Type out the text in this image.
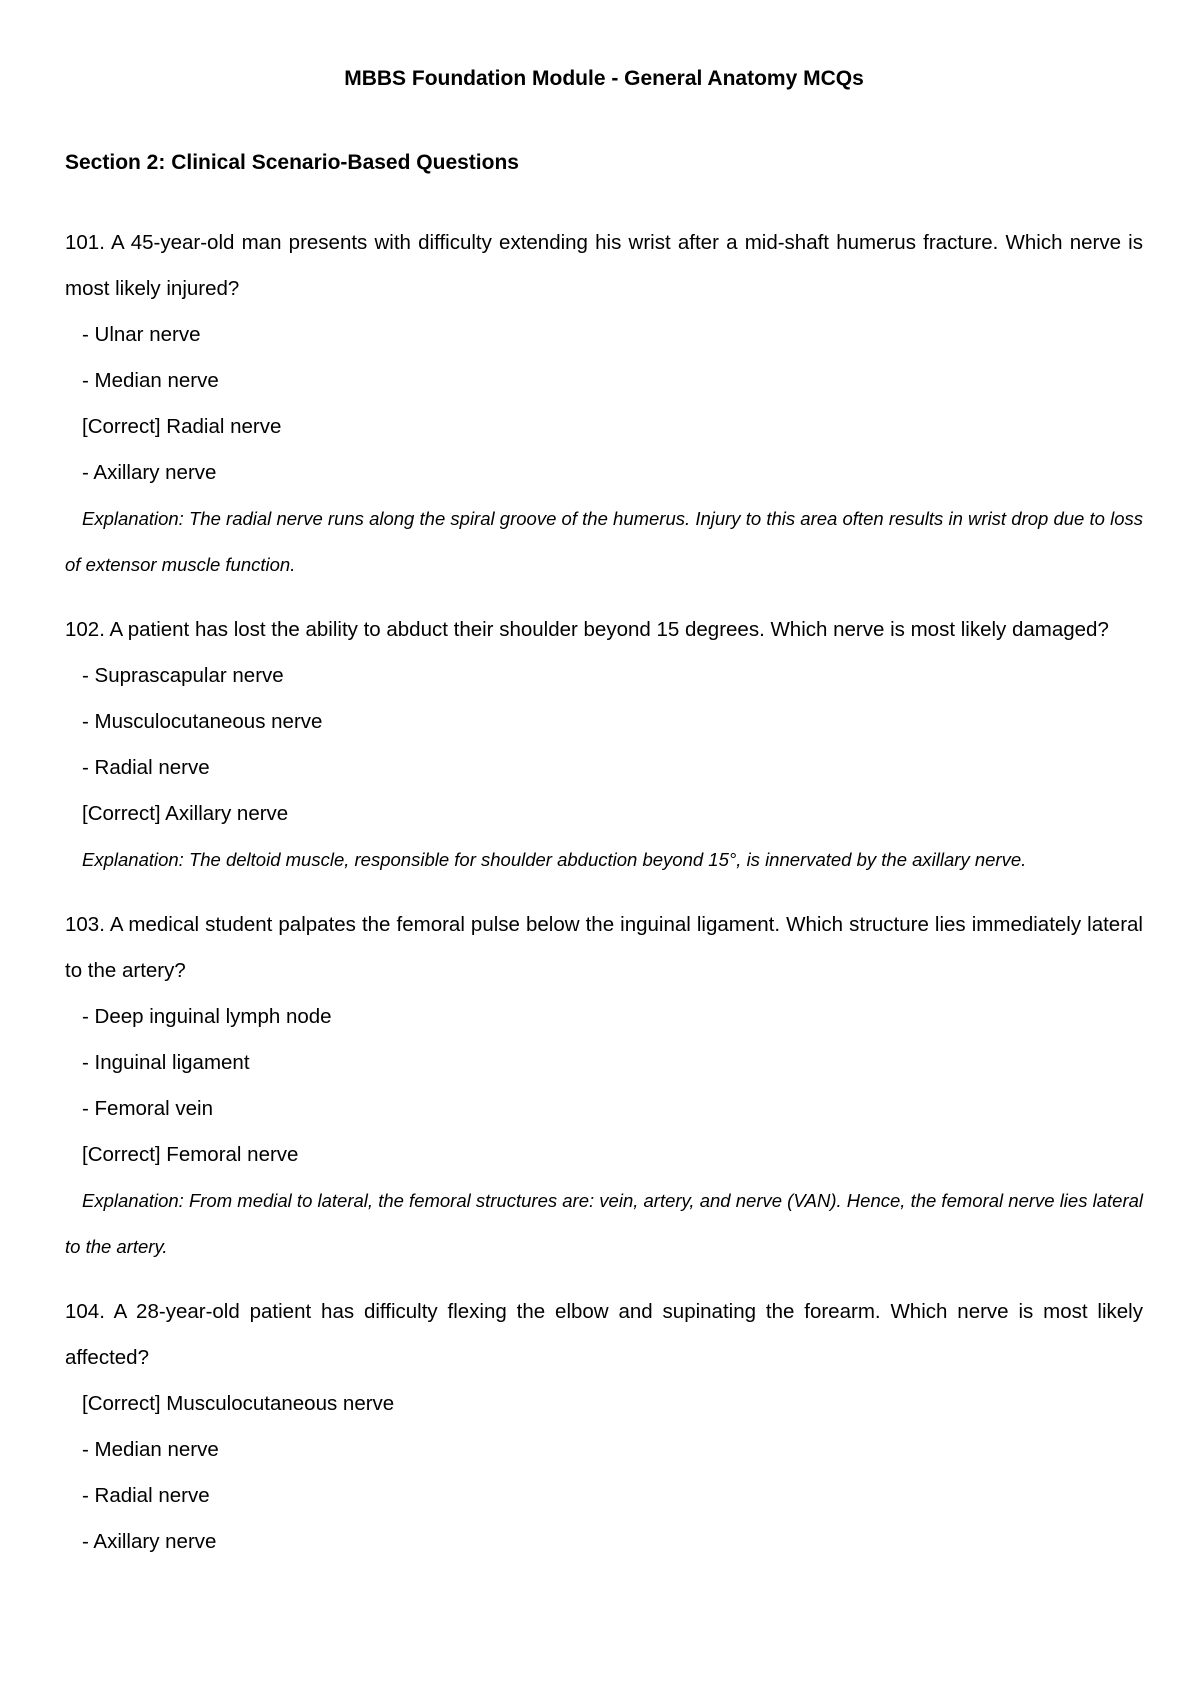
MBBS Foundation Module - General Anatomy MCQs
Section 2: Clinical Scenario-Based Questions

101. A 45-year-old man presents with difficulty extending his wrist after a mid-shaft humerus fracture. Which nerve is most likely injured?

- Ulnar nerve
- Median nerve
[Correct] Radial nerve
- Axillary nerve

Explanation: The radial nerve runs along the spiral groove of the humerus. Injury to this area often results in wrist drop due to loss of extensor muscle function.

102. A patient has lost the ability to abduct their shoulder beyond 15 degrees. Which nerve is most likely damaged?

- Suprascapular nerve
- Musculocutaneous nerve
- Radial nerve
[Correct] Axillary nerve

Explanation: The deltoid muscle, responsible for shoulder abduction beyond 15°, is innervated by the axillary nerve.

103. A medical student palpates the femoral pulse below the inguinal ligament. Which structure lies immediately lateral to the artery?

- Deep inguinal lymph node
- Inguinal ligament
- Femoral vein
[Correct] Femoral nerve

Explanation: From medial to lateral, the femoral structures are: vein, artery, and nerve (VAN). Hence, the femoral nerve lies lateral to the artery.

104. A 28-year-old patient has difficulty flexing the elbow and supinating the forearm. Which nerve is most likely affected?

[Correct] Musculocutaneous nerve
- Median nerve
- Radial nerve
- Axillary nerve
